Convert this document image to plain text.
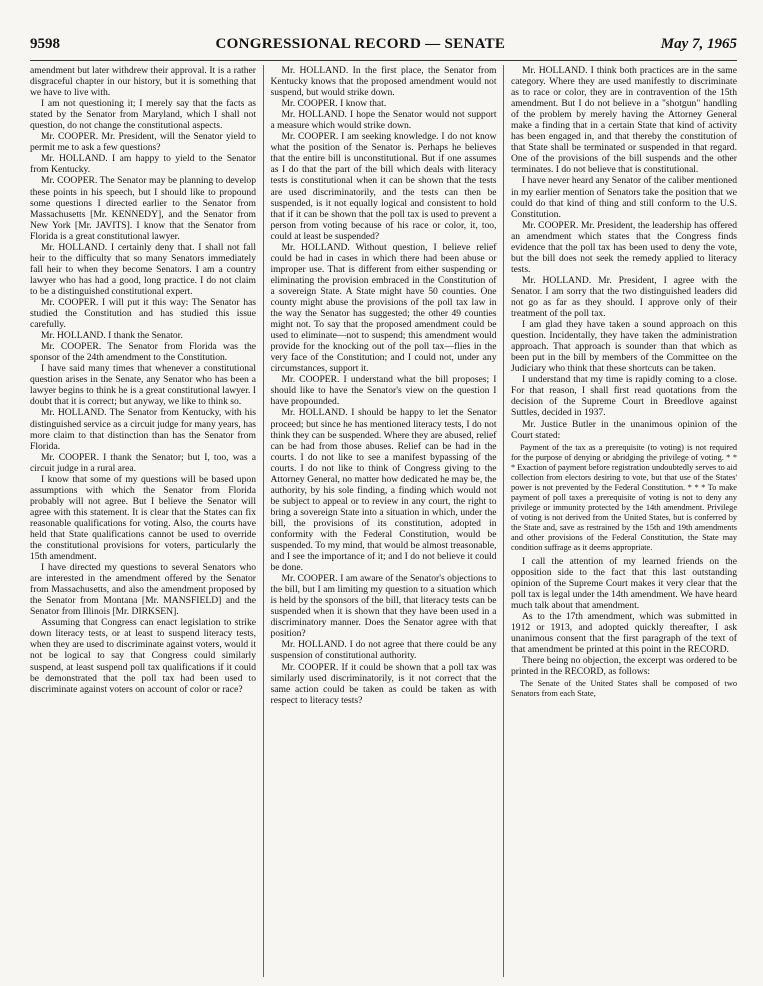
9598	CONGRESSIONAL RECORD — SENATE	May 7, 1965

amendment but later withdrew their approval. It is a rather disgraceful chapter in our history, but it is something that we have to live with.

I am not questioning it; I merely say that the facts as stated by the Senator from Maryland, which I shall not question, do not change the constitutional aspects.

Mr. COOPER. Mr. President, will the Senator yield to permit me to ask a few questions?

Mr. HOLLAND. I am happy to yield to the Senator from Kentucky.

Mr. COOPER. The Senator may be planning to develop these points in his speech, but I should like to propound some questions I directed earlier to the Senator from Massachusetts [Mr. KENNEDY], and the Senator from New York [Mr. JAVITS]. I know that the Senator from Florida is a great constitutional lawyer.

Mr. HOLLAND. I certainly deny that. I shall not fall heir to the difficulty that so many Senators immediately fall heir to when they become Senators. I am a country lawyer who has had a good, long practice. I do not claim to be a distinguished constitutional expert.

Mr. COOPER. I will put it this way: The Senator has studied the Constitution and has studied this issue carefully.

Mr. HOLLAND. I thank the Senator.

Mr. COOPER. The Senator from Florida was the sponsor of the 24th amendment to the Constitution.

I have said many times that whenever a constitutional question arises in the Senate, any Senator who has been a lawyer begins to think he is a great constitutional lawyer. I doubt that it is correct; but anyway, we like to think so.

Mr. HOLLAND. The Senator from Kentucky, with his distinguished service as a circuit judge for many years, has more claim to that distinction than has the Senator from Florida.

Mr. COOPER. I thank the Senator; but I, too, was a circuit judge in a rural area.

I know that some of my questions will be based upon assumptions with which the Senator from Florida probably will not agree. But I believe the Senator will agree with this statement. It is clear that the States can fix reasonable qualifications for voting. Also, the courts have held that State qualifications cannot be used to override the constitutional provisions for voters, particularly the 15th amendment.

I have directed my questions to several Senators who are interested in the amendment offered by the Senator from Massachusetts, and also the amendment proposed by the Senator from Montana [Mr. MANSFIELD] and the Senator from Illinois [Mr. DIRKSEN].

Assuming that Congress can enact legislation to strike down literacy tests, or at least to suspend literacy tests, when they are used to discriminate against voters, would it not be logical to say that Congress could similarly suspend, at least suspend poll tax qualifications if it could be demonstrated that the poll tax had been used to discriminate against voters on account of color or race?

Mr. HOLLAND. In the first place, the Senator from Kentucky knows that the proposed amendment would not suspend, but would strike down.

Mr. COOPER. I know that.

Mr. HOLLAND. I hope the Senator would not support a measure which would strike down.

Mr. COOPER. I am seeking knowledge. I do not know what the position of the Senator is. Perhaps he believes that the entire bill is unconstitutional. But if one assumes as I do that the part of the bill which deals with literacy tests is constitutional when it can be shown that the tests are used discriminatorily, and the tests can then be suspended, is it not equally logical and consistent to hold that if it can be shown that the poll tax is used to prevent a person from voting because of his race or color, it, too, could at least be suspended?

Mr. HOLLAND. Without question, I believe relief could be had in cases in which there had been abuse or improper use. That is different from either suspending or eliminating the provision embraced in the Constitution of a sovereign State. A State might have 50 counties. One county might abuse the provisions of the poll tax law in the way the Senator has suggested; the other 49 counties might not. To say that the proposed amendment could be used to eliminate—not to suspend; this amendment would provide for the knocking out of the poll tax—flies in the very face of the Constitution; and I could not, under any circumstances, support it.

Mr. COOPER. I understand what the bill proposes; I should like to have the Senator's view on the question I have propounded.

Mr. HOLLAND. I should be happy to let the Senator proceed; but since he has mentioned literacy tests, I do not think they can be suspended. Where they are abused, relief can be had from those abuses. Relief can be had in the courts. I do not like to see a manifest bypassing of the courts. I do not like to think of Congress giving to the Attorney General, no matter how dedicated he may be, the authority, by his sole finding, a finding which would not be subject to appeal or to review in any court, the right to bring a sovereign State into a situation in which, under the bill, the provisions of its constitution, adopted in conformity with the Federal Constitution, would be suspended. To my mind, that would be almost treasonable, and I see the importance of it; and I do not believe it could be done.

Mr. COOPER. I am aware of the Senator's objections to the bill, but I am limiting my question to a situation which is held by the sponsors of the bill, that literacy tests can be suspended when it is shown that they have been used in a discriminatory manner. Does the Senator agree with that position?

Mr. HOLLAND. I do not agree that there could be any suspension of constitutional authority.

Mr. COOPER. If it could be shown that a poll tax was similarly used discriminatorily, is it not correct that the same action could be taken as could be taken as with respect to literacy tests?

Mr. HOLLAND. I think both practices are in the same category. Where they are used manifestly to discriminate as to race or color, they are in contravention of the 15th amendment. But I do not believe in a "shotgun" handling of the problem by merely having the Attorney General make a finding that in a certain State that kind of activity has been engaged in, and that thereby the constitution of that State shall be terminated or suspended in that regard. One of the provisions of the bill suspends and the other terminates. I do not believe that is constitutional.

I have never heard any Senator of the caliber mentioned in my earlier mention of Senators take the position that we could do that kind of thing and still conform to the U.S. Constitution.

Mr. COOPER. Mr. President, the leadership has offered an amendment which states that the Congress finds evidence that the poll tax has been used to deny the vote, but the bill does not seek the remedy applied to literacy tests.

Mr. HOLLAND. Mr. President, I agree with the Senator. I am sorry that the two distinguished leaders did not go as far as they should. I approve only of their treatment of the poll tax.

I am glad they have taken a sound approach on this question. Incidentally, they have taken the administration approach. That approach is sounder than that which as been put in the bill by members of the Committee on the Judiciary who think that these shortcuts can be taken.

I understand that my time is rapidly coming to a close. For that reason, I shall first read quotations from the decision of the Supreme Court in Breedlove against Suttles, decided in 1937.

Mr. Justice Butler in the unanimous opinion of the Court stated:

Payment of the tax as a prerequisite (to voting) is not required for the purpose of denying or abridging the privilege of voting. * * * Exaction of payment before registration undoubtedly serves to aid collection from electors desiring to vote, but that use of the States' power is not prevented by the Federal Constitution. * * * To make payment of poll taxes a prerequisite of voting is not to deny any privilege or immunity protected by the 14th amendment. Privilege of voting is not derived from the United States, but is conferred by the State and, save as restrained by the 15th and 19th amendments and other provisions of the Federal Constitution, the State may condition suffrage as it deems appropriate.

I call the attention of my learned friends on the opposition side to the fact that this last outstanding opinion of the Supreme Court makes it very clear that the poll tax is legal under the 14th amendment. We have heard much talk about that amendment.

As to the 17th amendment, which was submitted in 1912 or 1913, and adopted quickly thereafter, I ask unanimous consent that the first paragraph of the text of that amendment be printed at this point in the RECORD.

There being no objection, the excerpt was ordered to be printed in the RECORD, as follows:

The Senate of the United States shall be composed of two Senators from each State,
